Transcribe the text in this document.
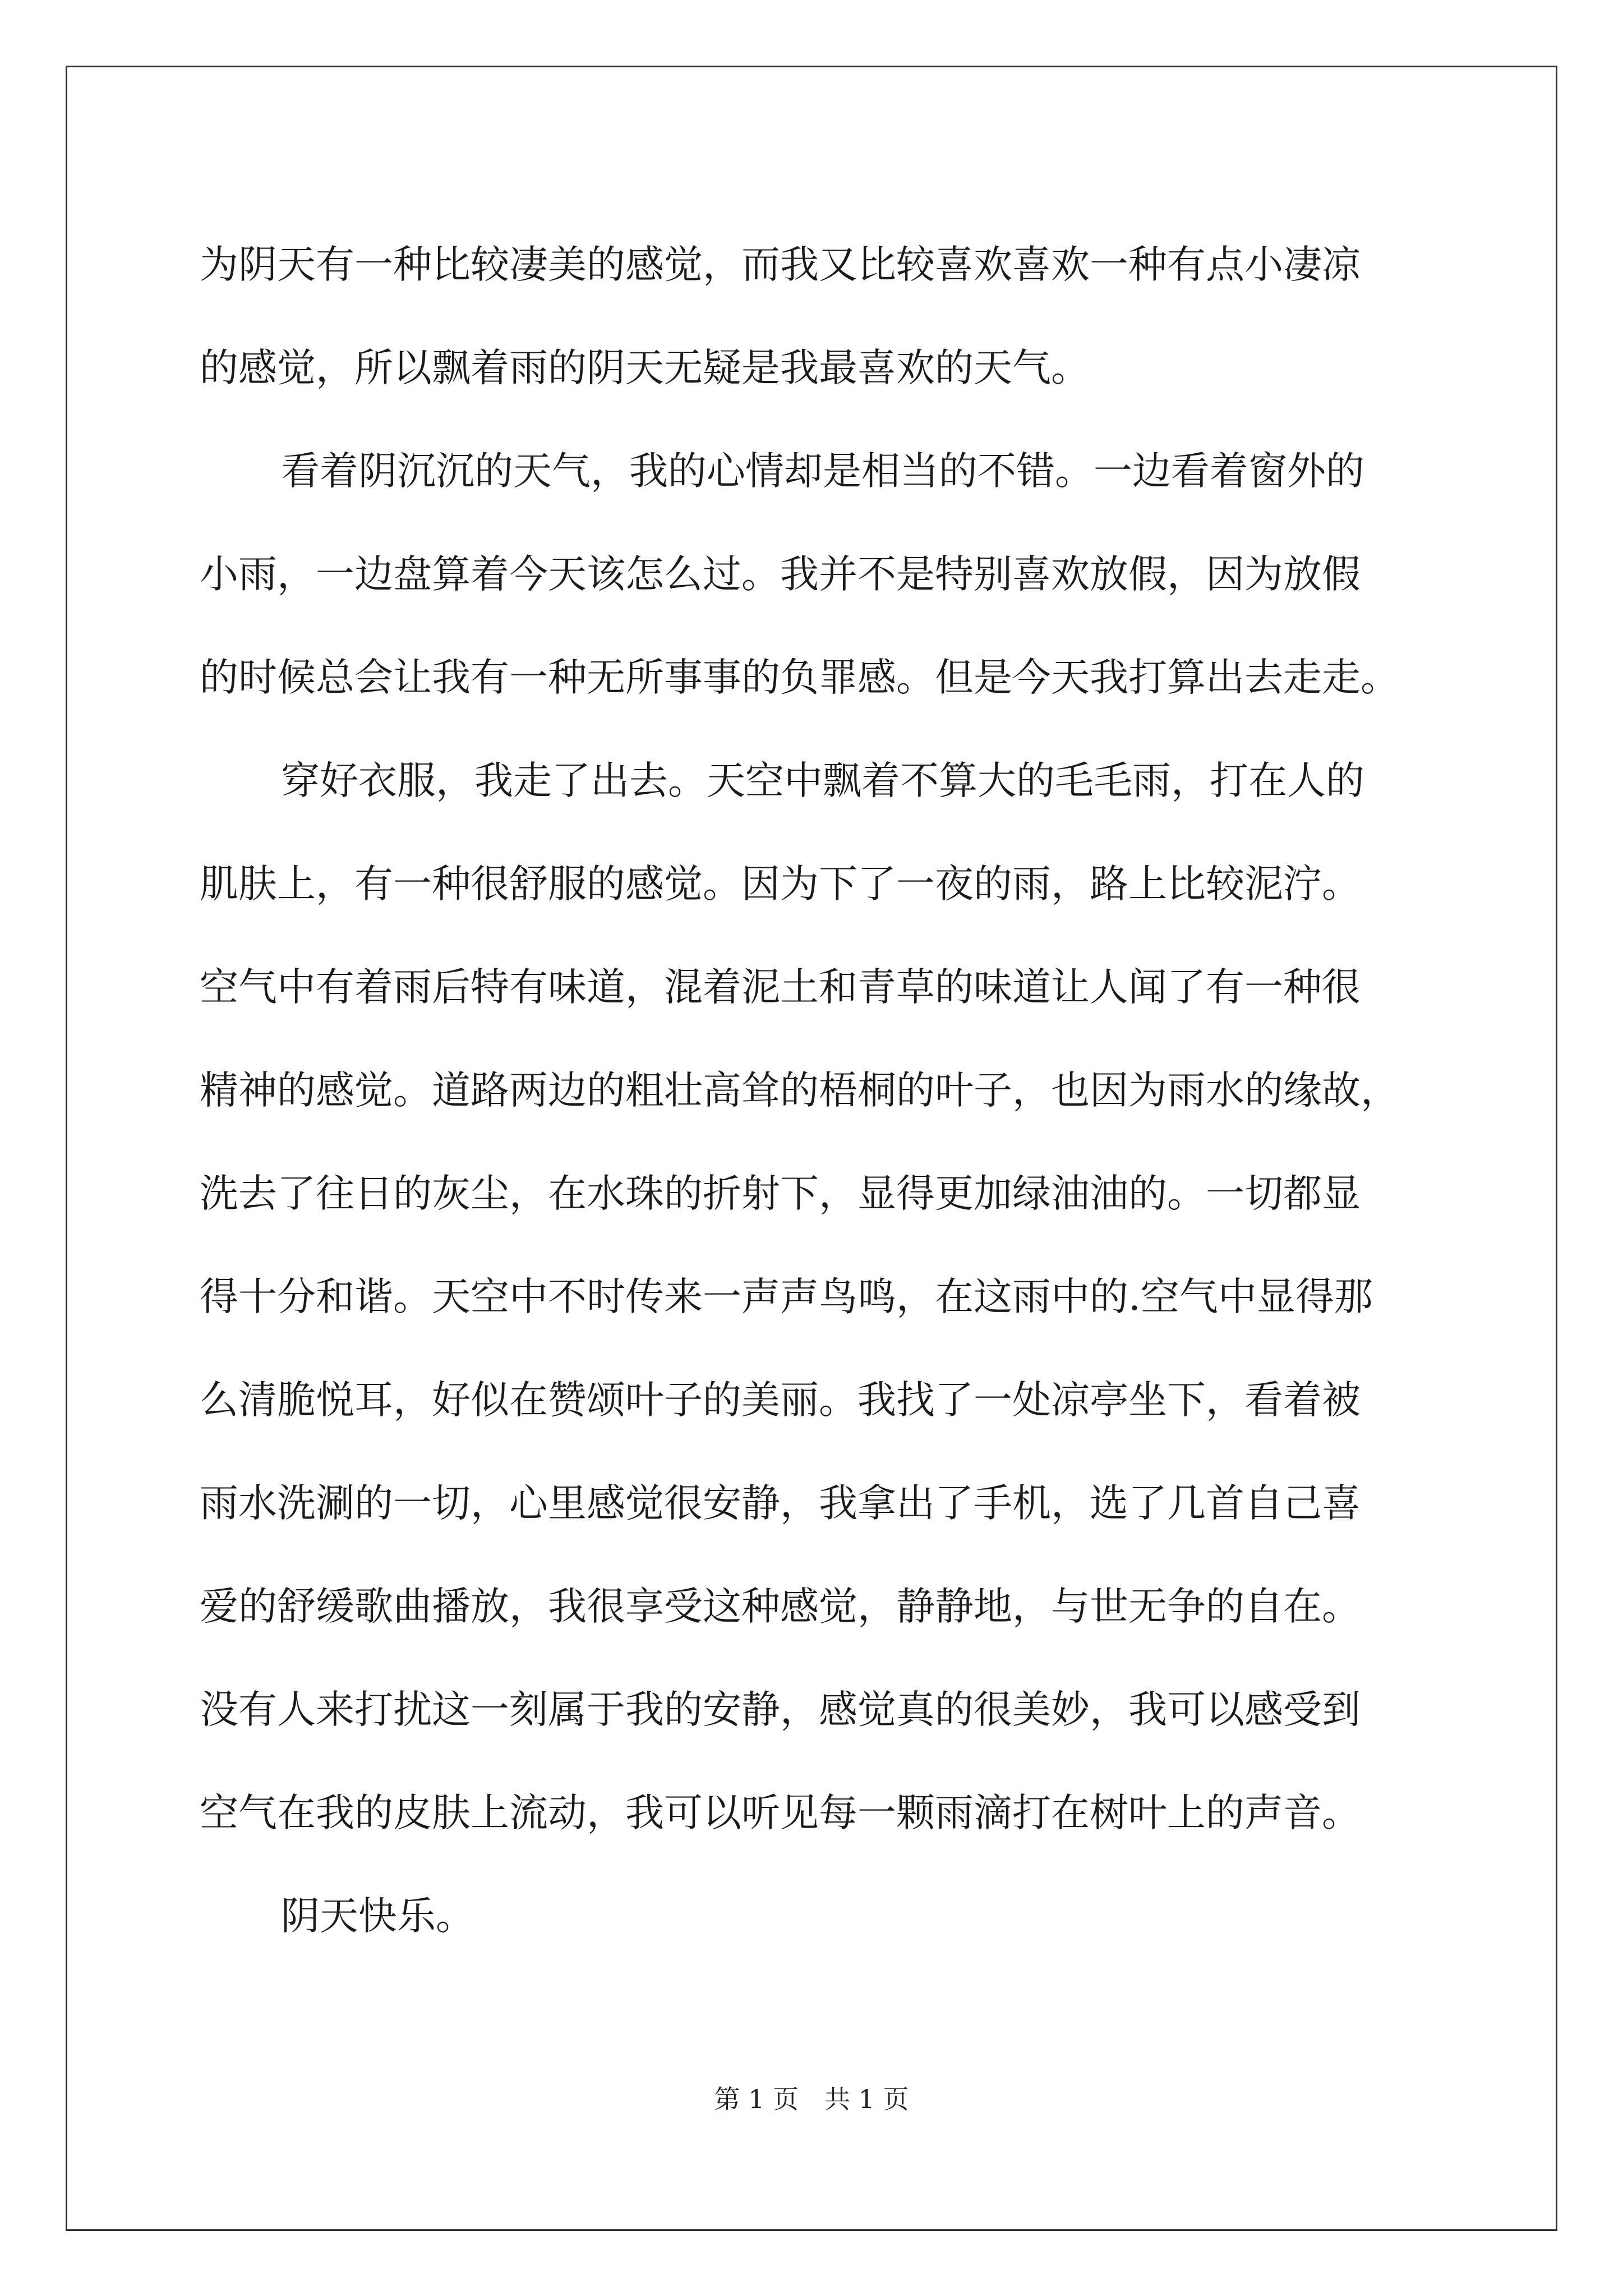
为阴天有一种比较凄美的感觉，而我又比较喜欢喜欢一种有点小凄凉
的感觉，所以飘着雨的阴天无疑是我最喜欢的天气。
看着阴沉沉的天气，我的心情却是相当的不错。一边看着窗外的
小雨，一边盘算着今天该怎么过。我并不是特别喜欢放假，因为放假
的时候总会让我有一种无所事事的负罪感。但是今天我打算出去走走。
穿好衣服，我走了出去。天空中飘着不算大的毛毛雨，打在人的
肌肤上，有一种很舒服的感觉。因为下了一夜的雨，路上比较泥泞。
空气中有着雨后特有味道，混着泥土和青草的味道让人闻了有一种很
精神的感觉。道路两边的粗壮高耸的梧桐的叶子，也因为雨水的缘故，
洗去了往日的灰尘，在水珠的折射下，显得更加绿油油的。一切都显
得十分和谐。天空中不时传来一声声鸟鸣，在这雨中的.空气中显得那
么清脆悦耳，好似在赞颂叶子的美丽。我找了一处凉亭坐下，看着被
雨水洗涮的一切，心里感觉很安静，我拿出了手机，选了几首自己喜
爱的舒缓歌曲播放，我很享受这种感觉，静静地，与世无争的自在。
没有人来打扰这一刻属于我的安静，感觉真的很美妙，我可以感受到
空气在我的皮肤上流动，我可以听见每一颗雨滴打在树叶上的声音。
阴天快乐。
第 1 页 共 1 页
